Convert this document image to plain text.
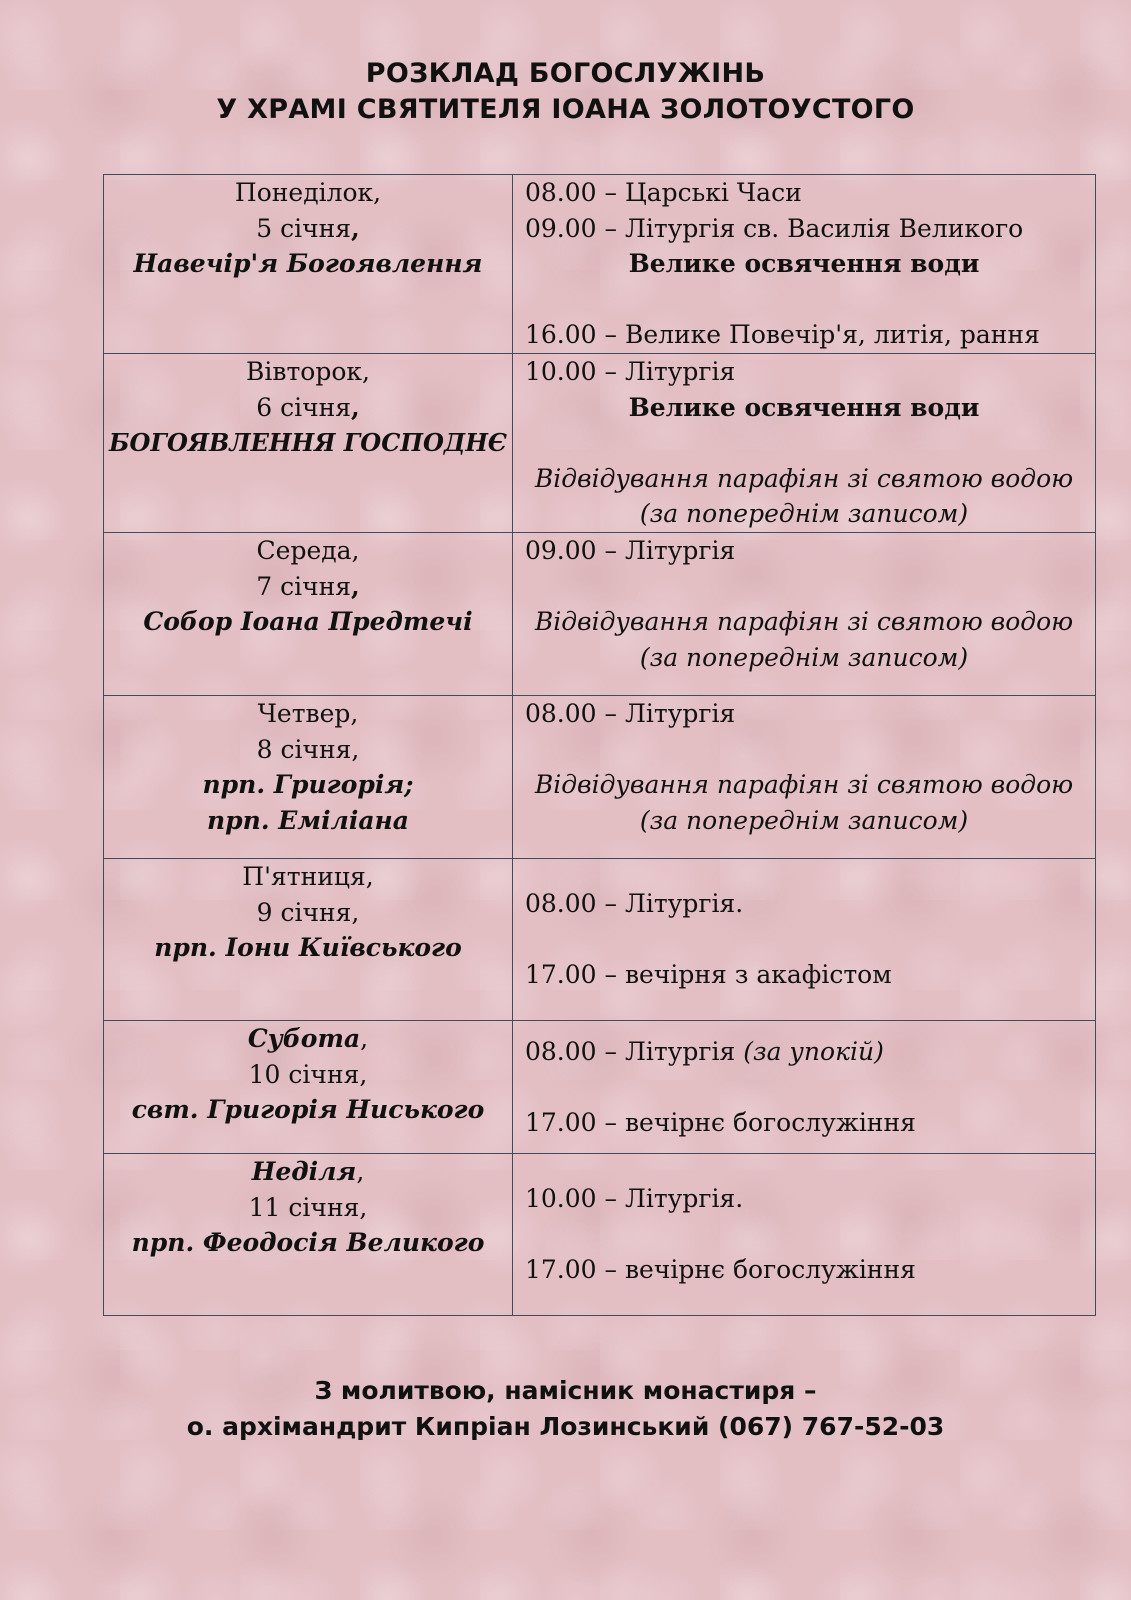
РОЗКЛАД БОГОСЛУЖІНЬ
У ХРАМІ СВЯТИТЕЛЯ ІОАНА ЗОЛОТОУСТОГО
Понеділок,
5 січня,
Навечір'я Богоявлення	08.00 – Царські Часи
09.00 – Літургія св. Василія Великого
Велике освячення води
16.00 – Велике Повечір'я, литія, рання

Вівторок,
6 січня,
БОГОЯВЛЕННЯ ГОСПОДНЄ	10.00 – Літургія
Велике освячення води
Відвідування парафіян зі святою водою
(за попереднім записом)

Середа,
7 січня,
Собор Іоана Предтечі	09.00 – Літургія
Відвідування парафіян зі святою водою
(за попереднім записом)

Четвер,
8 січня,
прп. Григорія;
прп. Еміліана	08.00 – Літургія
Відвідування парафіян зі святою водою
(за попереднім записом)

П'ятниця,
9 січня,
прп. Іони Київського	08.00 – Літургія.
17.00 – вечірня з акафістом

Субота,
10 січня,
свт. Григорія Ниського	08.00 – Літургія (за упокій)
17.00 – вечірнє богослужіння

Неділя,
11 січня,
прп. Феодосія Великого	10.00 – Літургія.
17.00 – вечірнє богослужіння
З молитвою, намісник монастиря –
о. архімандрит Кипріан Лозинський (067) 767-52-03
